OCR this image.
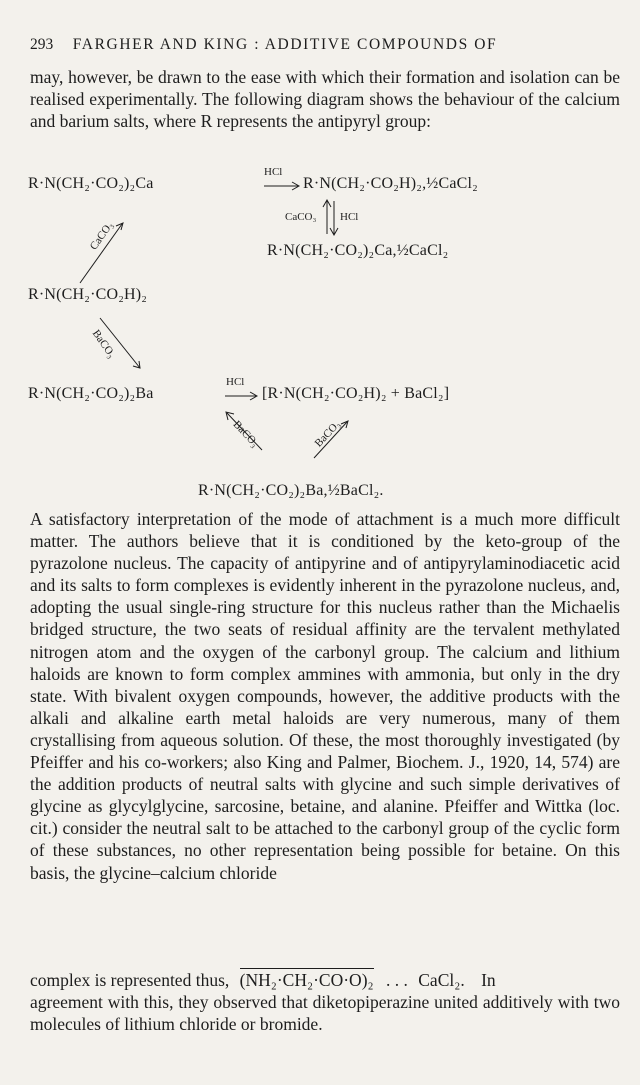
293 FARGHER AND KING : ADDITIVE COMPOUNDS OF

may, however, be drawn to the ease with which their formation and isolation can be realised experimentally. The following diagram shows the behaviour of the calcium and barium salts, where R represents the antipyryl group:

R·N(CH₂·CO₂)₂Ca
HCl
R·N(CH₂·CO₂H)₂,½CaCl₂
CaCO₃ HCl
R·N(CH₂·CO₂)₂Ca,½CaCl₂
CaCO₃
R·N(CH₂·CO₂H)₂
BaCO₃
R·N(CH₂·CO₂)₂Ba
HCl
[R·N(CH₂·CO₂H)₂ + BaCl₂]
BaCO₃	BaCO₃
R·N(CH₂·CO₂)₂Ba,½BaCl₂.

A satisfactory interpretation of the mode of attachment is a much more difficult matter. The authors believe that it is conditioned by the keto-group of the pyrazolone nucleus. The capacity of antipyrine and of antipyrylaminodiacetic acid and its salts to form complexes is evidently inherent in the pyrazolone nucleus, and, adopting the usual single-ring structure for this nucleus rather than the Michaelis bridged structure, the two seats of residual affinity are the tervalent methylated nitrogen atom and the oxygen of the carbonyl group. The calcium and lithium haloids are known to form complex ammines with ammonia, but only in the dry state. With bivalent oxygen compounds, however, the additive products with the alkali and alkaline earth metal haloids are very numerous, many of them crystallising from aqueous solution. Of these, the most thoroughly investigated (by Pfeiffer and his co-workers; also King and Palmer, Biochem. J., 1920, 14, 574) are the addition products of neutral salts with glycine and such simple derivatives of glycine as glycylglycine, sarcosine, betaine, and alanine. Pfeiffer and Wittka (loc. cit.) consider the neutral salt to be attached to the carbonyl group of the cyclic form of these substances, no other representation being possible for betaine. On this basis, the glycine–calcium chloride

complex is represented thus, (NH₂·CH₂·CO·O)₂ . . . CaCl₂. In

agreement with this, they observed that diketopiperazine united additively with two molecules of lithium chloride or bromide.
